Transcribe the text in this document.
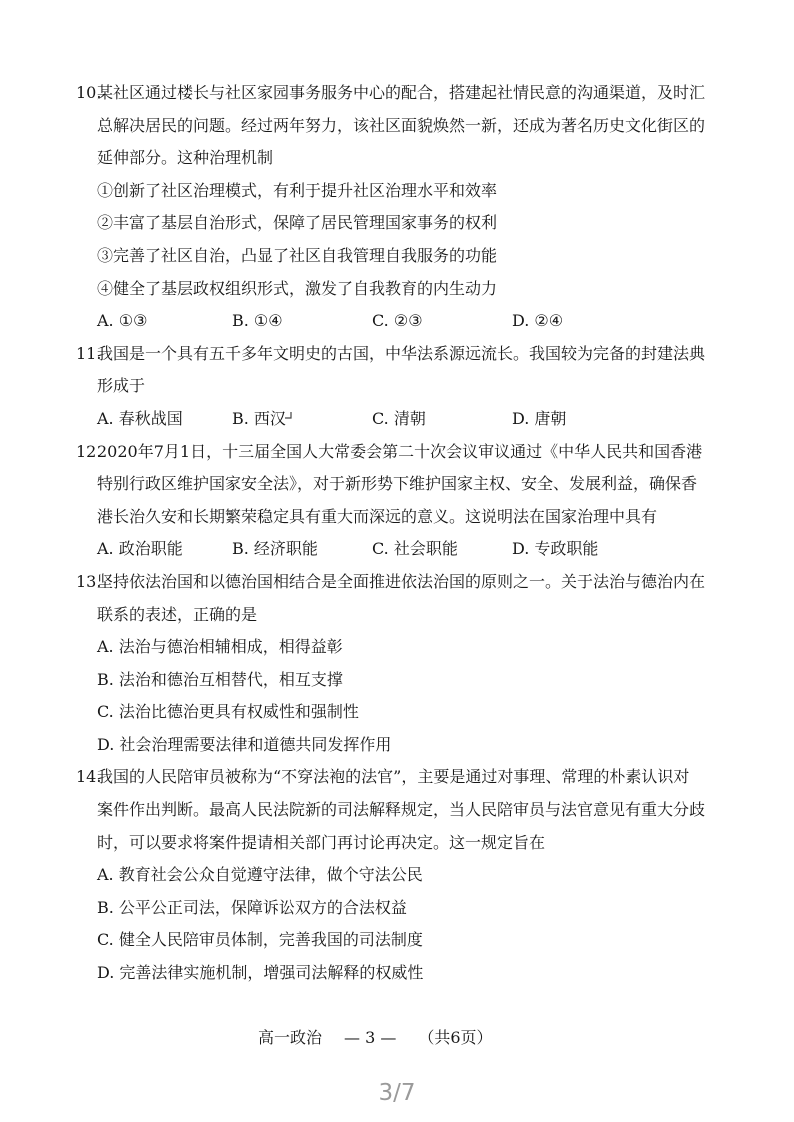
10.
某社区通过楼长与社区家园事务服务中心的配合，搭建起社情民意的沟通渠道，及时汇
总解决居民的问题。经过两年努力，该社区面貌焕然一新，还成为著名历史文化街区的
延伸部分。这种治理机制
①创新了社区治理模式，有利于提升社区治理水平和效率
②丰富了基层自治形式，保障了居民管理国家事务的权利
③完善了社区自治，凸显了社区自我管理自我服务的功能
④健全了基层政权组织形式，激发了自我教育的内生动力
A. ①③	B. ①④	C. ②③	D. ②④
11.
我国是一个具有五千多年文明史的古国，中华法系源远流长。我国较为完备的封建法典
形成于
A. 春秋战国	B. 西汉	C. 清朝	D. 唐朝
12.
2020年7月1日，十三届全国人大常委会第二十次会议审议通过《中华人民共和国香港
特别行政区维护国家安全法》，对于新形势下维护国家主权、安全、发展利益，确保香
港长治久安和长期繁荣稳定具有重大而深远的意义。这说明法在国家治理中具有
A. 政治职能	B. 经济职能	C. 社会职能	D. 专政职能
13.
坚持依法治国和以德治国相结合是全面推进依法治国的原则之一。关于法治与德治内在
联系的表述，正确的是
A. 法治与德治相辅相成，相得益彰
B. 法治和德治互相替代，相互支撑
C. 法治比德治更具有权威性和强制性
D. 社会治理需要法律和道德共同发挥作用
14.
我国的人民陪审员被称为“不穿法袍的法官”，主要是通过对事理、常理的朴素认识对
案件作出判断。最高人民法院新的司法解释规定，当人民陪审员与法官意见有重大分歧
时，可以要求将案件提请相关部门再讨论再决定。这一规定旨在
A. 教育社会公众自觉遵守法律，做个守法公民
B. 公平公正司法，保障诉讼双方的合法权益
C. 健全人民陪审员体制，完善我国的司法制度
D. 完善法律实施机制，增强司法解释的权威性
高一政治 — 3 — （共6页）
3/7
